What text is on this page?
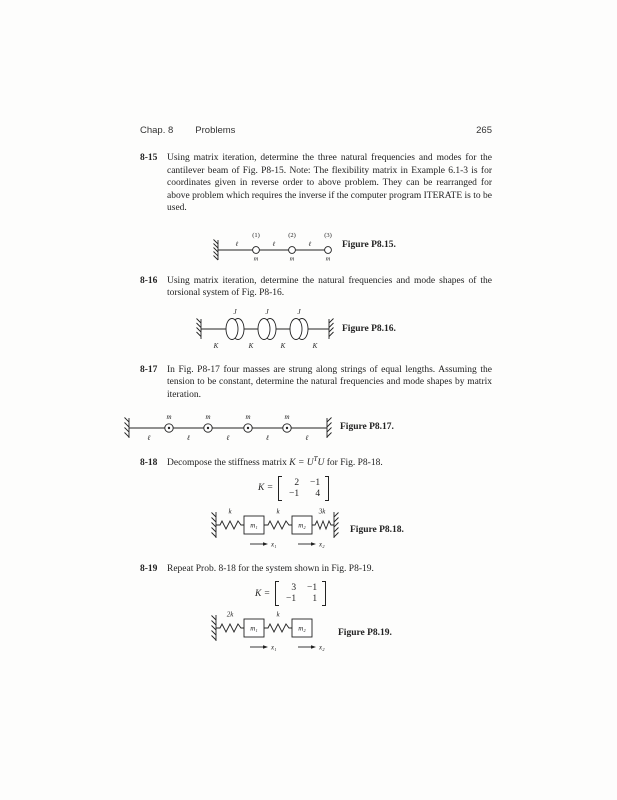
Chap. 8 Problems	265
8-15	Using matrix iteration, determine the three natural frequencies and modes for the cantilever beam of Fig. P8-15. Note: The flexibility matrix in Example 6.1-3 is for coordinates given in reverse order to above problem. They can be rearranged for above problem which requires the inverse if the computer program ITERATE is to be used.
(1)	(2)	(3)
ℓ	ℓ	ℓ
m	m	m
Figure P8.15.
8-16	Using matrix iteration, determine the natural frequencies and mode shapes of the torsional system of Fig. P8-16.
J	J	J
K	K	K	K
Figure P8.16.
8-17	In Fig. P8-17 four masses are strung along strings of equal lengths. Assuming the tension to be constant, determine the natural frequencies and mode shapes by matrix iteration.
m	m	m	m
ℓ	ℓ	ℓ	ℓ	ℓ
Figure P8.17.
8-18	Decompose the stiffness matrix $K = U^TU$ for Fig. P8-18.
K =
2 −1
−1	4
k	k	3k
m₁	m₂
x₁	x₂
Figure P8.18.
8-19	Repeat Prob. 8-18 for the system shown in Fig. P8-19.
K =
3 −1
−1	1
2k	k
m₁	m₂
x₁	x₂
Figure P8.19.
